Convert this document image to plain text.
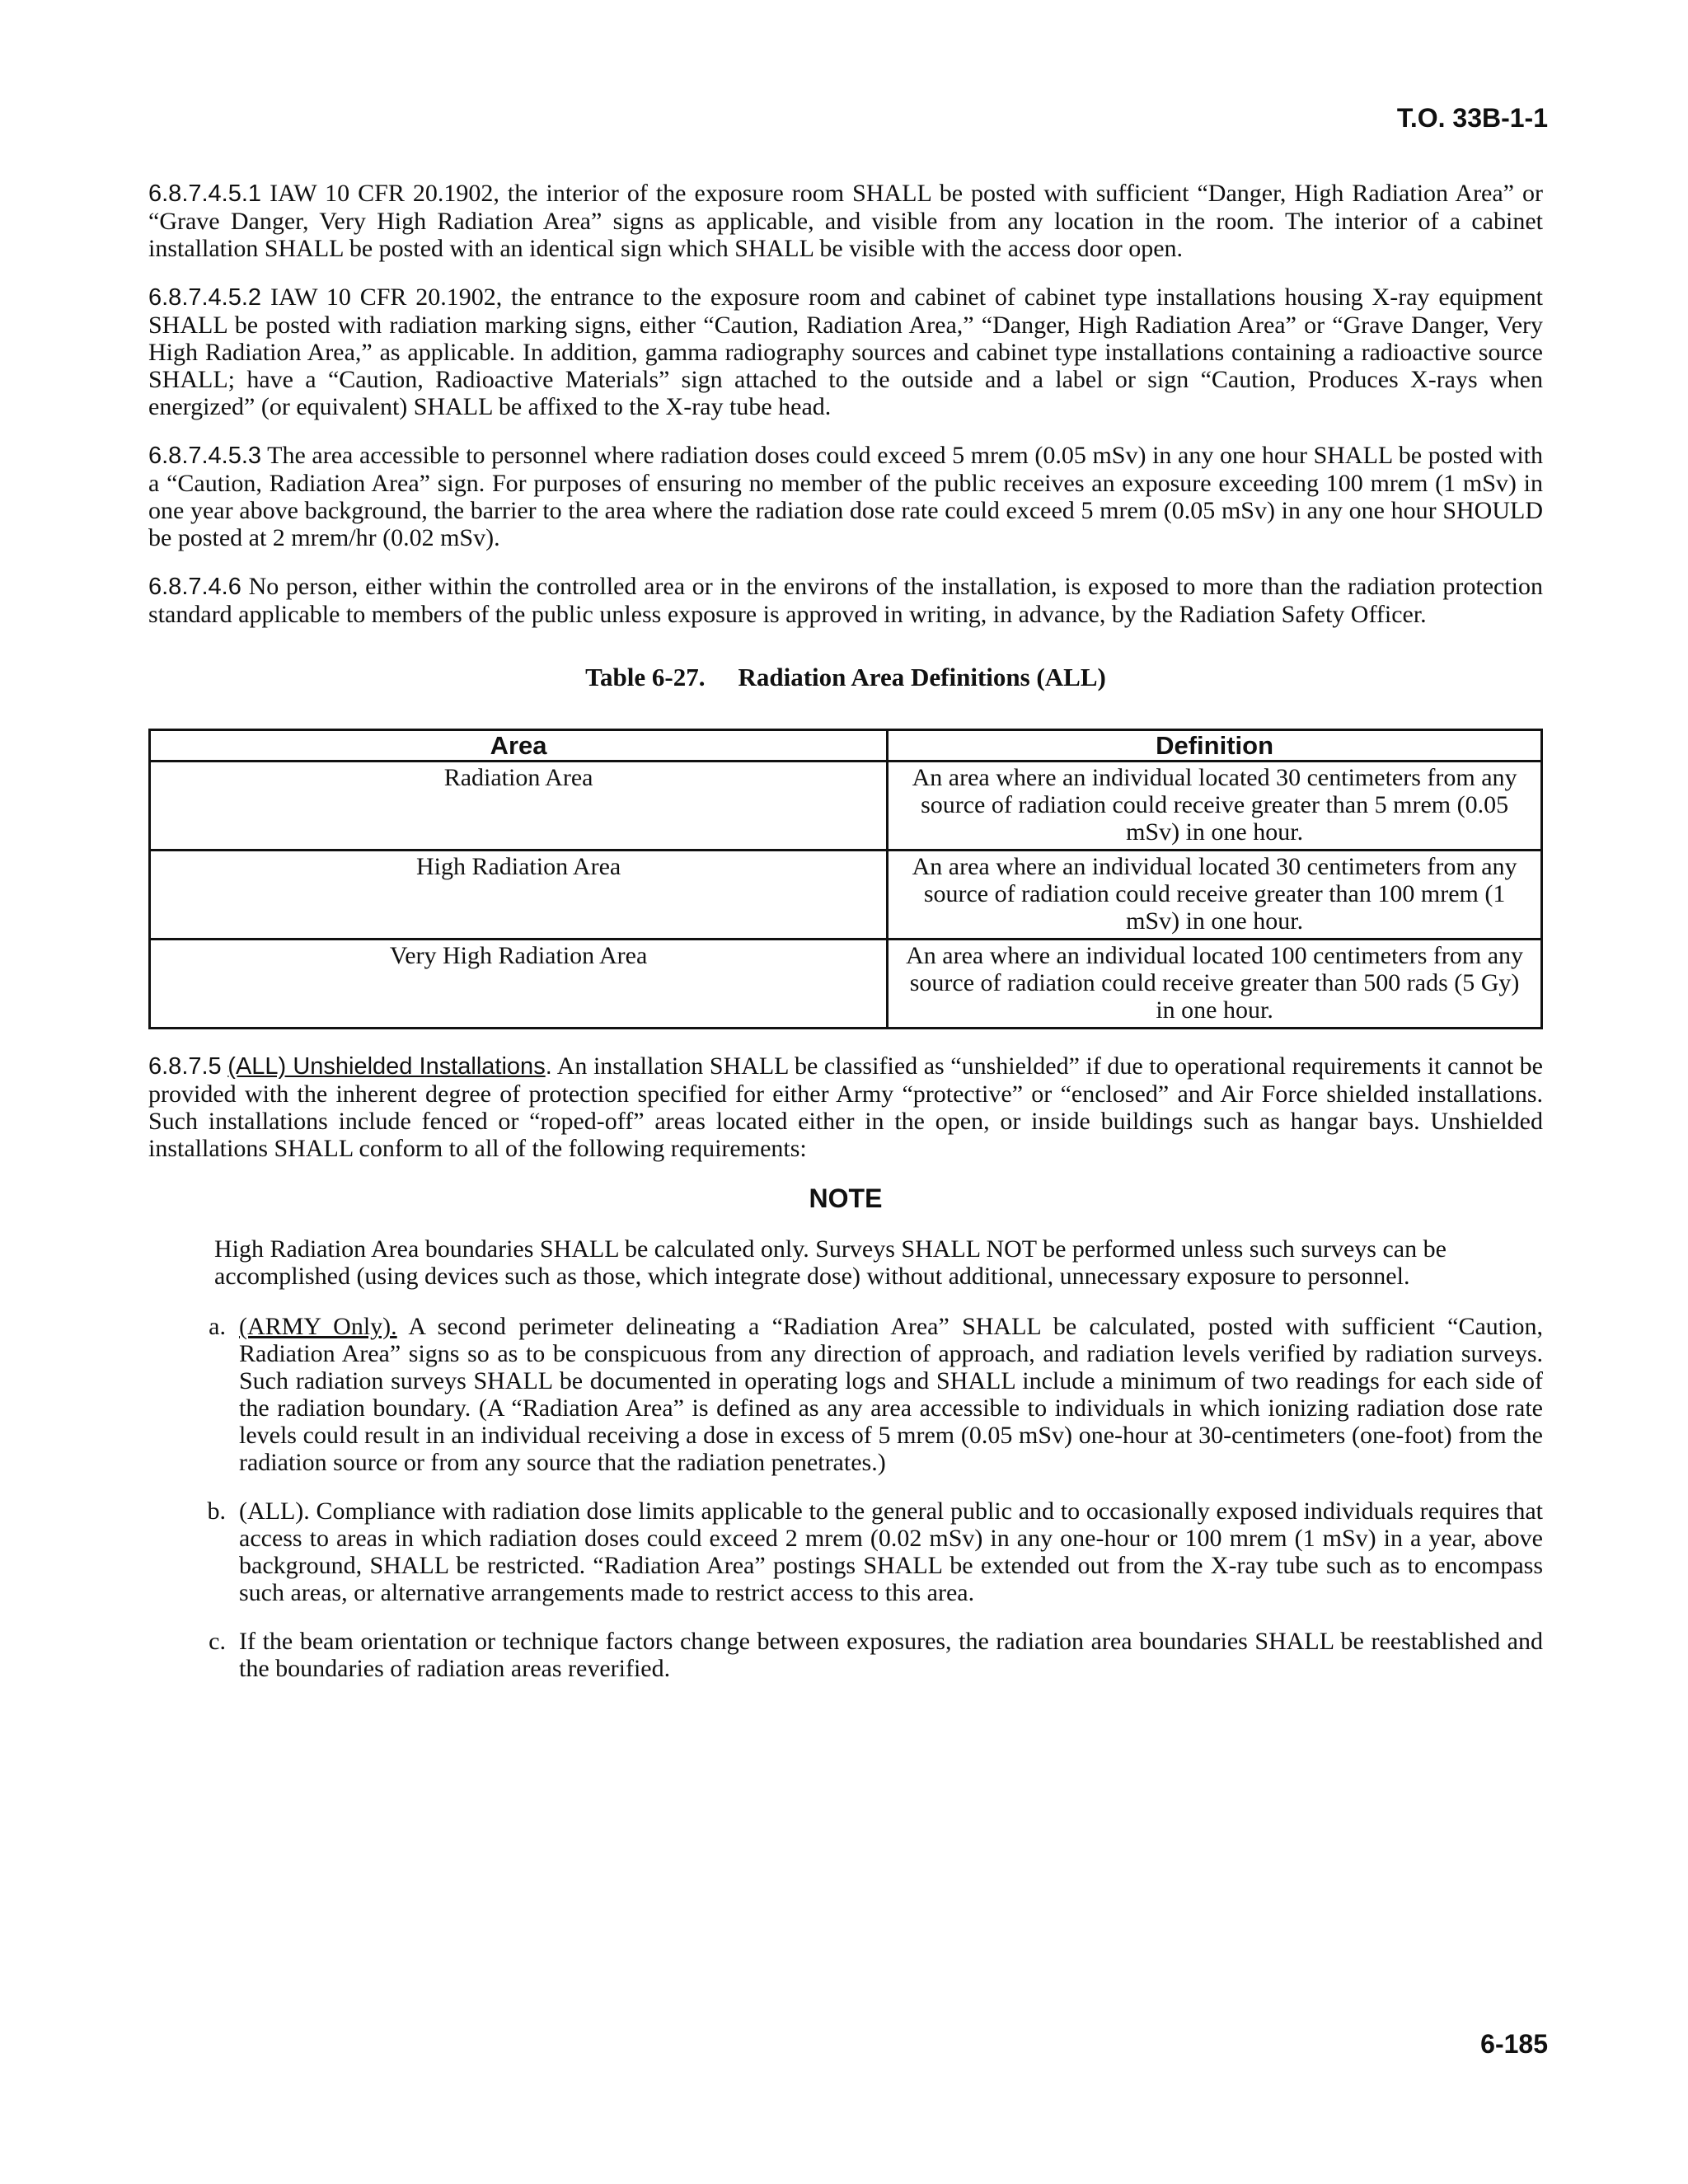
T.O. 33B-1-1

6.8.7.4.5.1 IAW 10 CFR 20.1902, the interior of the exposure room SHALL be posted with sufficient “Danger, High Radiation Area” or “Grave Danger, Very High Radiation Area” signs as applicable, and visible from any location in the room. The interior of a cabinet installation SHALL be posted with an identical sign which SHALL be visible with the access door open.

6.8.7.4.5.2 IAW 10 CFR 20.1902, the entrance to the exposure room and cabinet of cabinet type installations housing X-ray equipment SHALL be posted with radiation marking signs, either “Caution, Radiation Area,” “Danger, High Radiation Area” or “Grave Danger, Very High Radiation Area,” as applicable. In addition, gamma radiography sources and cabinet type installations containing a radioactive source SHALL; have a “Caution, Radioactive Materials” sign attached to the outside and a label or sign “Caution, Produces X-rays when energized” (or equivalent) SHALL be affixed to the X-ray tube head.

6.8.7.4.5.3 The area accessible to personnel where radiation doses could exceed 5 mrem (0.05 mSv) in any one hour SHALL be posted with a “Caution, Radiation Area” sign. For purposes of ensuring no member of the public receives an exposure exceeding 100 mrem (1 mSv) in one year above background, the barrier to the area where the radiation dose rate could exceed 5 mrem (0.05 mSv) in any one hour SHOULD be posted at 2 mrem/hr (0.02 mSv).

6.8.7.4.6 No person, either within the controlled area or in the environs of the installation, is exposed to more than the radiation protection standard applicable to members of the public unless exposure is approved in writing, in advance, by the Radiation Safety Officer.

Table 6-27. Radiation Area Definitions (ALL)
Area	Definition
Radiation Area	An area where an individual located 30 centimeters from any source of radiation could receive greater than 5 mrem (0.05 mSv) in one hour.
High Radiation Area	An area where an individual located 30 centimeters from any source of radiation could receive greater than 100 mrem (1 mSv) in one hour.
Very High Radiation Area	An area where an individual located 100 centimeters from any source of radiation could receive greater than 500 rads (5 Gy) in one hour.

6.8.7.5 (ALL) Unshielded Installations. An installation SHALL be classified as “unshielded” if due to operational requirements it cannot be provided with the inherent degree of protection specified for either Army “protective” or “enclosed” and Air Force shielded installations. Such installations include fenced or “roped-off” areas located either in the open, or inside buildings such as hangar bays. Unshielded installations SHALL conform to all of the following requirements:

NOTE
High Radiation Area boundaries SHALL be calculated only. Surveys SHALL NOT be performed unless such surveys can be accomplished (using devices such as those, which integrate dose) without additional, unnecessary exposure to personnel.
a. (ARMY Only). A second perimeter delineating a “Radiation Area” SHALL be calculated, posted with sufficient “Caution, Radiation Area” signs so as to be conspicuous from any direction of approach, and radiation levels verified by radiation surveys. Such radiation surveys SHALL be documented in operating logs and SHALL include a minimum of two readings for each side of the radiation boundary. (A “Radiation Area” is defined as any area accessible to individuals in which ionizing radiation dose rate levels could result in an individual receiving a dose in excess of 5 mrem (0.05 mSv) one-hour at 30-centimeters (one-foot) from the radiation source or from any source that the radiation penetrates.)
b. (ALL). Compliance with radiation dose limits applicable to the general public and to occasionally exposed individuals requires that access to areas in which radiation doses could exceed 2 mrem (0.02 mSv) in any one-hour or 100 mrem (1 mSv) in a year, above background, SHALL be restricted. “Radiation Area” postings SHALL be extended out from the X-ray tube such as to encompass such areas, or alternative arrangements made to restrict access to this area.
c. If the beam orientation or technique factors change between exposures, the radiation area boundaries SHALL be reestablished and the boundaries of radiation areas reverified.
6-185
